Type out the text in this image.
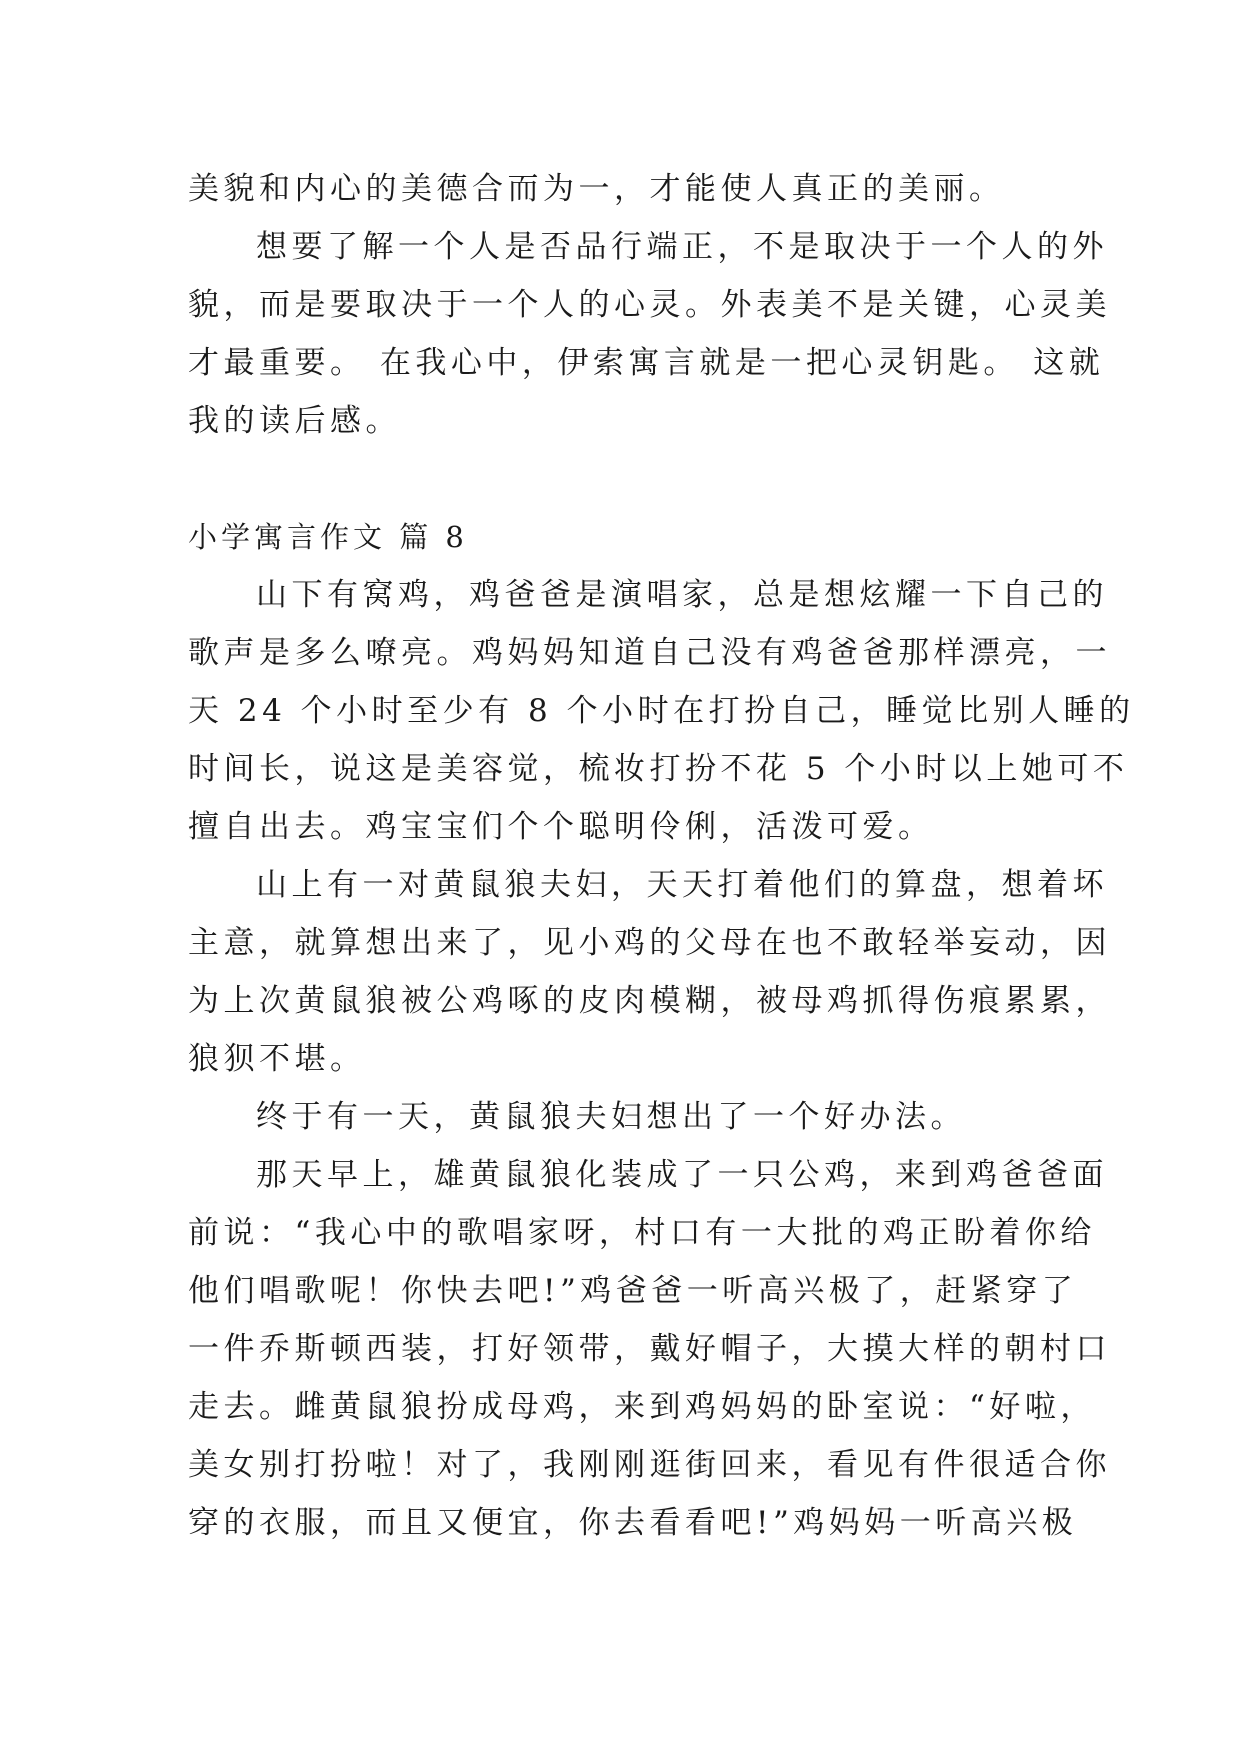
美貌和内心的美德合而为一，才能使人真正的美丽。
想要了解一个人是否品行端正，不是取决于一个人的外
貌，而是要取决于一个人的心灵。外表美不是关键，心灵美
才最重要。 在我心中，伊索寓言就是一把心灵钥匙。 这就
我的读后感。
小学寓言作文 篇 8
山下有窝鸡，鸡爸爸是演唱家，总是想炫耀一下自己的
歌声是多么嘹亮。鸡妈妈知道自己没有鸡爸爸那样漂亮，一
天 24 个小时至少有 8 个小时在打扮自己，睡觉比别人睡的
时间长，说这是美容觉，梳妆打扮不花 5 个小时以上她可不
擅自出去。鸡宝宝们个个聪明伶俐，活泼可爱。
山上有一对黄鼠狼夫妇，天天打着他们的算盘，想着坏
主意，就算想出来了，见小鸡的父母在也不敢轻举妄动，因
为上次黄鼠狼被公鸡啄的皮肉模糊，被母鸡抓得伤痕累累，
狼狈不堪。
终于有一天，黄鼠狼夫妇想出了一个好办法。
那天早上，雄黄鼠狼化装成了一只公鸡，来到鸡爸爸面
前说：“我心中的歌唱家呀，村口有一大批的鸡正盼着你给
他们唱歌呢！你快去吧!”鸡爸爸一听高兴极了，赶紧穿了
一件乔斯顿西装，打好领带，戴好帽子，大摸大样的朝村口
走去。雌黄鼠狼扮成母鸡，来到鸡妈妈的卧室说：“好啦，
美女别打扮啦！对了，我刚刚逛街回来，看见有件很适合你
穿的衣服，而且又便宜，你去看看吧!”鸡妈妈一听高兴极
